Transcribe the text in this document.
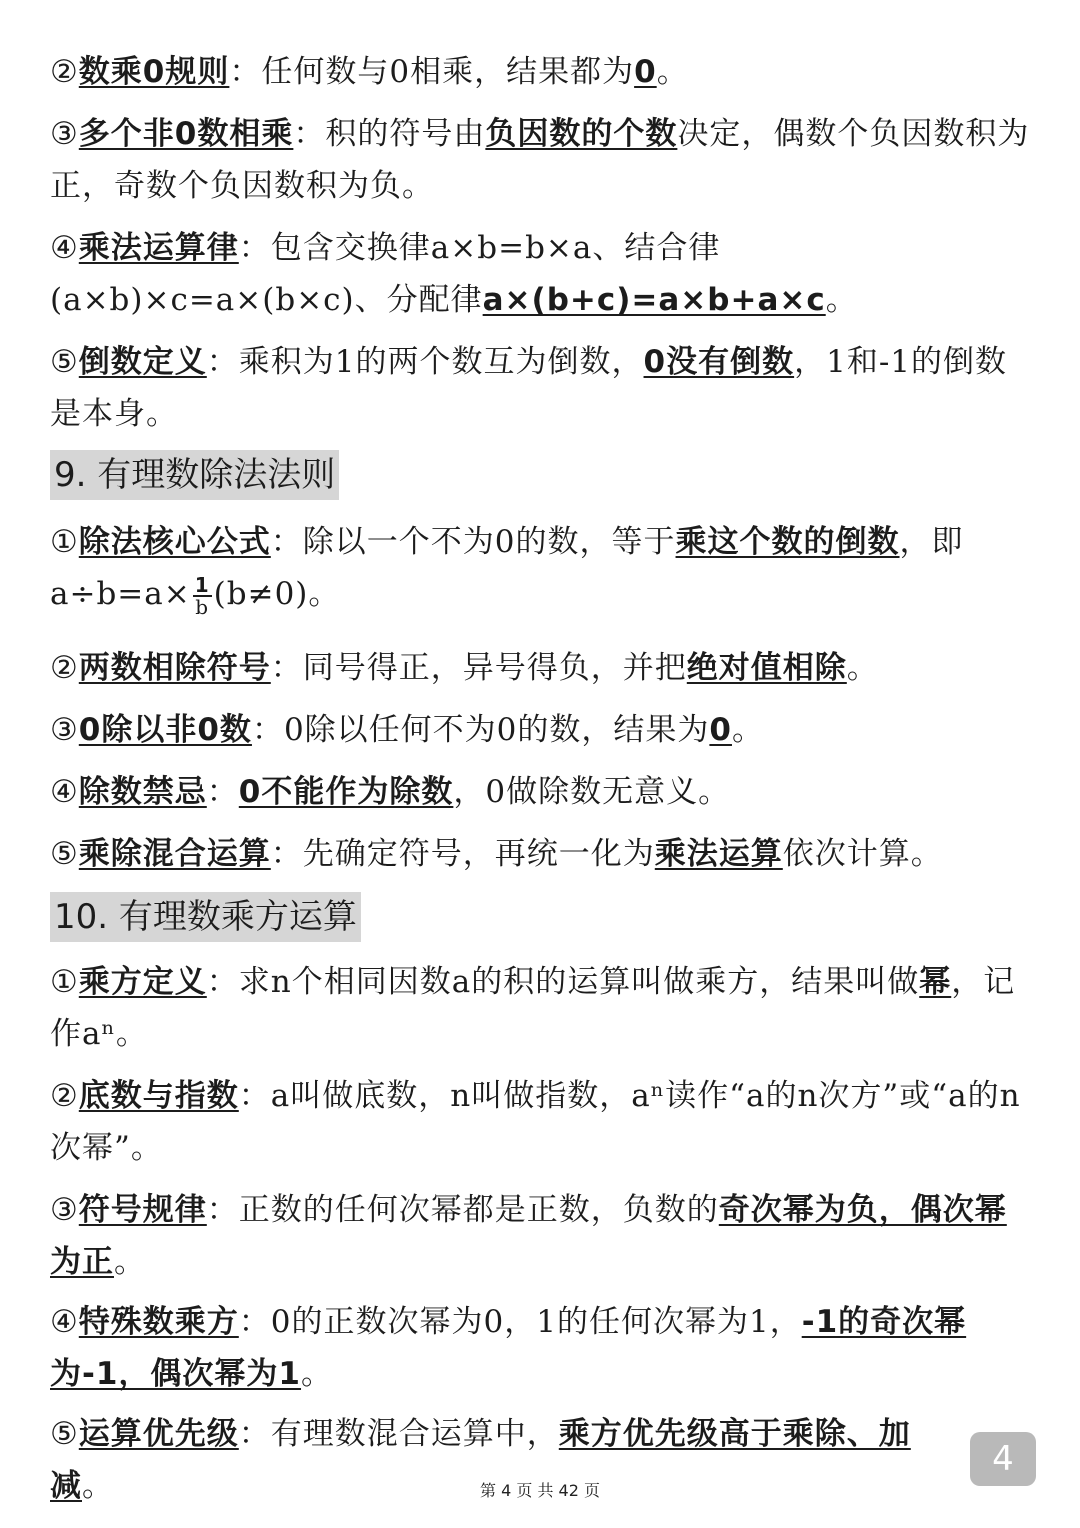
②数乘0规则：任何数与0相乘，结果都为0。

③多个非0数相乘：积的符号由负因数的个数决定，偶数个负因数积为正，奇数个负因数积为负。

④乘法运算律：包含交换律a×b=b×a、结合律(a×b)×c=a×(b×c)、分配律a×(b+c)=a×b+a×c。

⑤倒数定义：乘积为1的两个数互为倒数，0没有倒数，1和-1的倒数是本身。

9. 有理数除法法则

①除法核心公式：除以一个不为0的数，等于乘这个数的倒数，即$a\div b=a\times \frac{1}{b} (b\ne 0)$。

②两数相除符号：同号得正，异号得负，并把绝对值相除。

③0除以非0数：0除以任何不为0的数，结果为0。

④除数禁忌：0不能作为除数，0做除数无意义。

⑤乘除混合运算：先确定符号，再统一化为乘法运算依次计算。

10. 有理数乘方运算

①乘方定义：求n个相同因数a的积的运算叫做乘方，结果叫做幂，记作aⁿ。

②底数与指数：a叫做底数，n叫做指数，aⁿ读作“a的n次方”或“a的n次幂”。

③符号规律：正数的任何次幂都是正数，负数的奇次幂为负，偶次幂为正。

④特殊数乘方：0的正数次幂为0，1的任何次幂为1，-1的奇次幂为-1，偶次幂为1。

⑤运算优先级：有理数混合运算中，乘方优先级高于乘除、加减。

4
第 4 页 共 42 页
